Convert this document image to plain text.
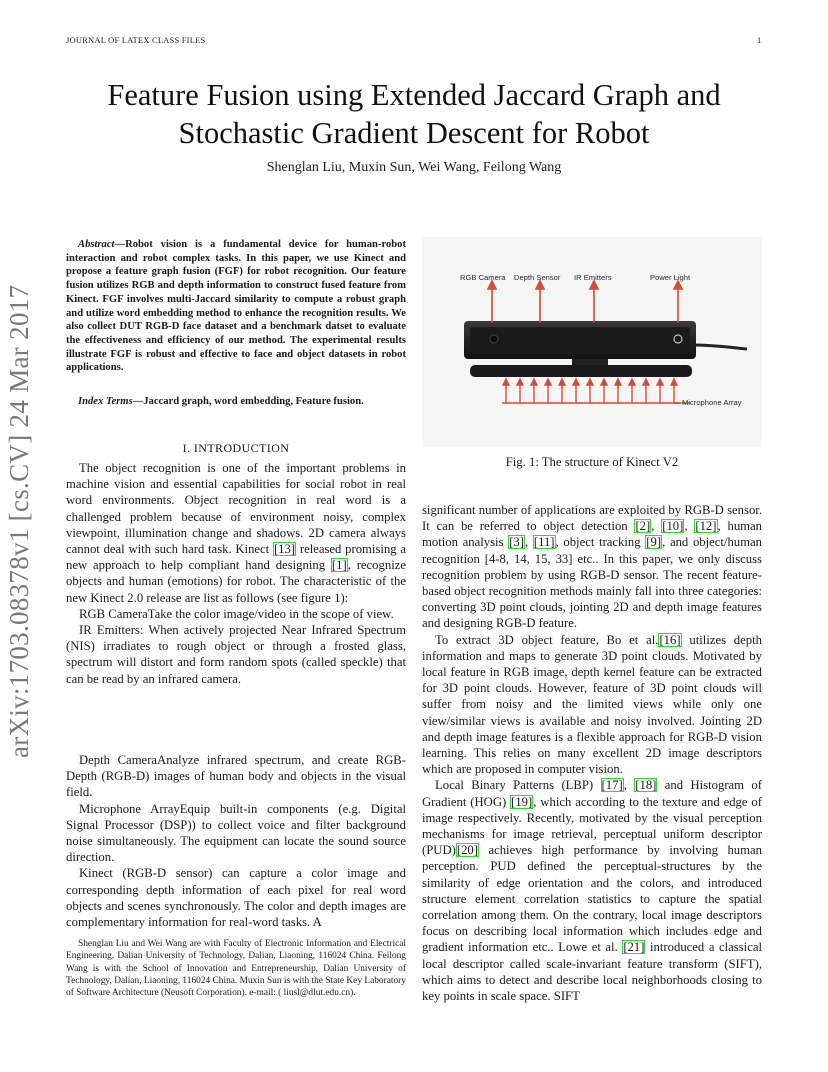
JOURNAL OF LATEX CLASS FILES	1
arXiv:1703.08378v1 [cs.CV] 24 Mar 2017
Feature Fusion using Extended Jaccard Graph and
Stochastic Gradient Descent for Robot
Shenglan Liu, Muxin Sun, Wei Wang, Feilong Wang
Abstract—Robot vision is a fundamental device for human-robot interaction and robot complex tasks. In this paper, we use Kinect and propose a feature graph fusion (FGF) for robot recognition. Our feature fusion utilizes RGB and depth information to construct fused feature from Kinect. FGF involves multi-Jaccard similarity to compute a robust graph and utilize word embedding method to enhance the recognition results. We also collect DUT RGB-D face dataset and a benchmark datset to evaluate the effectiveness and efficiency of our method. The experimental results illustrate FGF is robust and effective to face and object datasets in robot applications.
Index Terms—Jaccard graph, word embedding, Feature fusion.
I. INTRODUCTION

The object recognition is one of the important problems in machine vision and essential capabilities for social robot in real word environments. Object recognition in real word is a challenged problem because of environment noisy, complex viewpoint, illumination change and shadows. 2D camera always cannot deal with such hard task. Kinect [13] released promising a new approach to help compliant hand designing [1], recognize objects and human (emotions) for robot. The characteristic of the new Kinect 2.0 release are list as follows (see figure 1):

RGB CameraTake the color image/video in the scope of view.

IR Emitters: When actively projected Near Infrared Spectrum (NIS) irradiates to rough object or through a frosted glass, spectrum will distort and form random spots (called speckle) that can be read by an infrared camera.

Depth CameraAnalyze infrared spectrum, and create RGB-Depth (RGB-D) images of human body and objects in the visual field.

Microphone ArrayEquip built-in components (e.g. Digital Signal Processor (DSP)) to collect voice and filter background noise simultaneously. The equipment can locate the sound source direction.

Kinect (RGB-D sensor) can capture a color image and corresponding depth information of each pixel for real word objects and scenes synchronously. The color and depth images are complementary information for real-word tasks. A

Shenglan Liu and Wei Wang are with Faculty of Electronic Information and Electrical Engineering, Dalian University of Technology, Dalian, Liaoning, 116024 China. Feilong Wang is with the School of Innovation and Entrepreneurship, Dalian University of Technology, Dalian, Liaoning, 116024 China. Muxin Sun is with the State Key Laboratory of Software Architecture (Neusoft Corporation). e-mail: ( liusl@dlut.edu.cn).
RGB Camera Depth Sensor IR Emitters	Power Light
Microphone Array
Fig. 1: The structure of Kinect V2

significant number of applications are exploited by RGB-D sensor. It can be referred to object detection [2], [10], [12], human motion analysis [3], [11], object tracking [9], and object/human recognition [4-8, 14, 15, 33] etc.. In this paper, we only discuss recognition problem by using RGB-D sensor. The recent feature-based object recognition methods mainly fall into three categories: converting 3D point clouds, jointing 2D and depth image features and designing RGB-D feature.

To extract 3D object feature, Bo et al.[16] utilizes depth information and maps to generate 3D point clouds. Motivated by local feature in RGB image, depth kernel feature can be extracted for 3D point clouds. However, feature of 3D point clouds will suffer from noisy and the limited views while only one view/similar views is available and noisy involved. Jointing 2D and depth image features is a flexible approach for RGB-D vision learning. This relies on many excellent 2D image descriptors which are proposed in computer vision.

Local Binary Patterns (LBP) [17], [18] and Histogram of Gradient (HOG) [19], which according to the texture and edge of image respectively. Recently, motivated by the visual perception mechanisms for image retrieval, perceptual uniform descriptor (PUD)[20] achieves high performance by involving human perception. PUD defined the perceptual-structures by the similarity of edge orientation and the colors, and introduced structure element correlation statistics to capture the spatial correlation among them. On the contrary, local image descriptors focus on describing local information which includes edge and gradient information etc.. Lowe et al. [21] introduced a classical local descriptor called scale-invariant feature transform (SIFT), which aims to detect and describe local neighborhoods closing to key points in scale space. SIFT
